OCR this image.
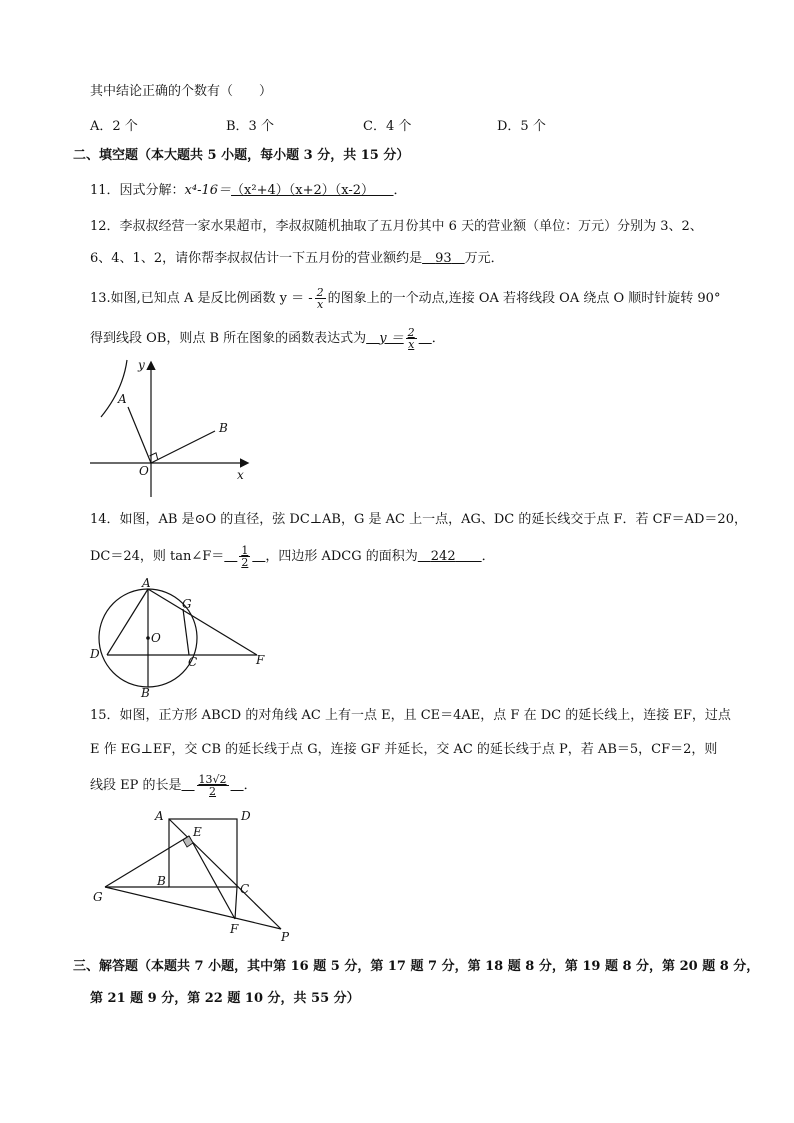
其中结论正确的个数有（　　）
A．2 个	B．3 个	C．4 个	D．5 个
二、填空题（本大题共 5 小题，每小题 3 分，共 15 分）
11．因式分解：x⁴-16＝（x²+4）（x+2）（x-2）　　 ．
12．李叔叔经营一家水果超市，李叔叔随机抽取了五月份其中 6 天的营业额（单位：万元）分别为 3、2、
6、4、1、2，请你帮李叔叔估计一下五月份的营业额约是　 93　 万元．
13.如图,已知点 A 是反比例函数 y ＝ - $\frac{2}{x}$ 的图象上的一个动点,连接 OA 若将线段 OA 绕点 O 顺时针旋转 90°
得到线段 OB，则点 B 所在图象的函数表达式为　 $y = \frac{2}{x}$
　 ．
A
B
O	x
y
14．如图，AB 是⊙O 的直径，弦 DC⊥AB，G 是 AC 上一点，AG、DC 的延长线交于点 F．若 CF＝AD＝20，
DC＝24，则 tan∠F＝　 $\frac{1}{2}$
　 ，四边形 ADCG 的面积为　 242　　 ．
A
G
O
D
C	F
B
15．如图，正方形 ABCD 的对角线 AC 上有一点 E，且 CE＝4AE，点 F 在 DC 的延长线上，连接 EF，过点
E 作 EG⊥EF，交 CB 的延长线于点 G，连接 GF 并延长，交 AC 的延长线于点 P，若 AB＝5，CF＝2，则
线段 EP 的长是　 $\frac{13√2}{2}$
　 ．
A	D
E
B
C
G
F
P
三、解答题（本题共 7 小题，其中第 16 题 5 分，第 17 题 7 分，第 18 题 8 分，第 19 题 8 分，第 20 题 8 分，
第 21 题 9 分，第 22 题 10 分，共 55 分）
